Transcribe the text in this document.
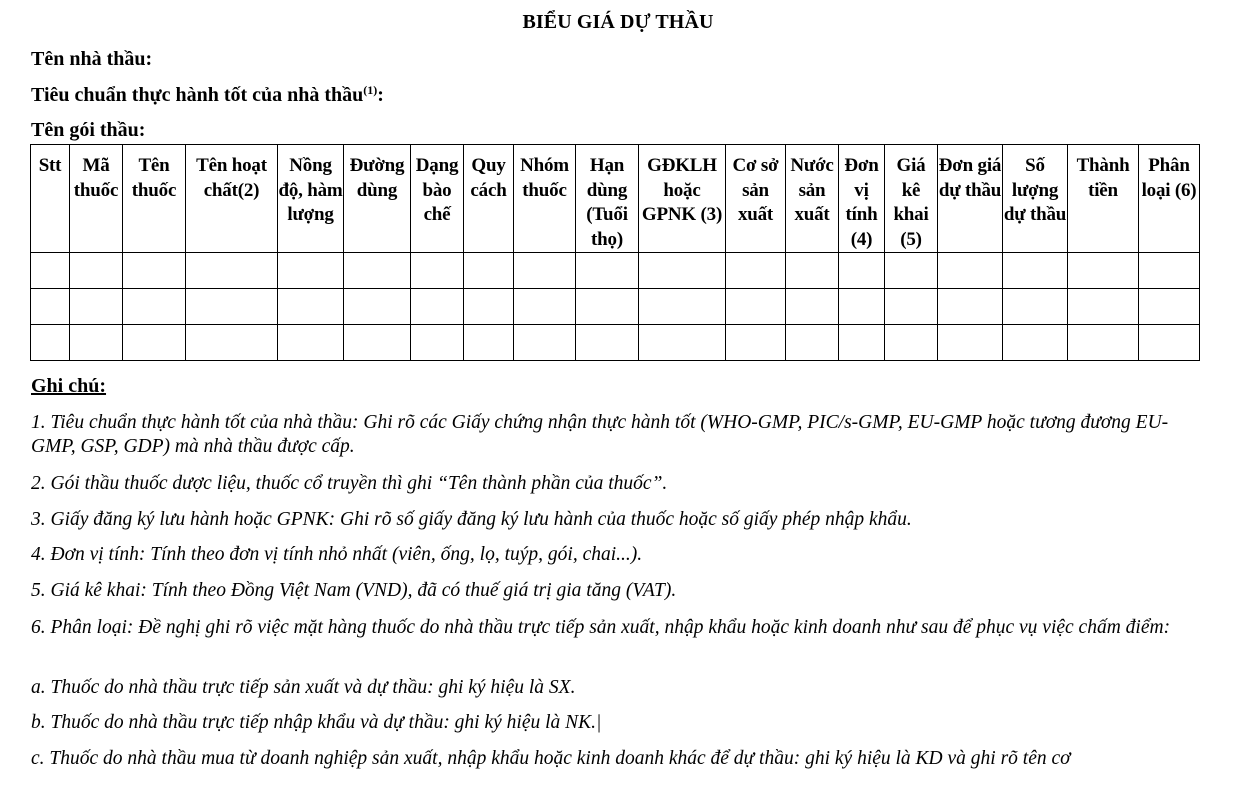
BIỂU GIÁ DỰ THẦU
Tên nhà thầu:
Tiêu chuẩn thực hành tốt của nhà thầu$^{(1)}$:
Tên gói thầu:
Stt	Mã thuốc	Tên thuốc	Tên hoạt chất(2)	Nồng độ, hàm lượng	Đường dùng	Dạng bào chế	Quy cách	Nhóm thuốc	Hạn dùng (Tuổi thọ)	GĐKLH hoặc GPNK (3)	Cơ sở sản xuất	Nước sản xuất	Đơn vị tính (4)	Giá kê khai (5)	Đơn giá dự thầu	Số lượng dự thầu	Thành tiền	Phân loại (6)

Ghi chú:
1. Tiêu chuẩn thực hành tốt của nhà thầu: Ghi rõ các Giấy chứng nhận thực hành tốt (WHO-GMP, PIC/s-GMP, EU-GMP hoặc tương đương EU- GMP, GSP, GDP) mà nhà thầu được cấp.
2. Gói thầu thuốc dược liệu, thuốc cổ truyền thì ghi “Tên thành phần của thuốc”.
3. Giấy đăng ký lưu hành hoặc GPNK: Ghi rõ số giấy đăng ký lưu hành của thuốc hoặc số giấy phép nhập khẩu.
4. Đơn vị tính: Tính theo đơn vị tính nhỏ nhất (viên, ống, lọ, tuýp, gói, chai...).
5. Giá kê khai: Tính theo Đồng Việt Nam (VND), đã có thuế giá trị gia tăng (VAT).
6. Phân loại: Đề nghị ghi rõ việc mặt hàng thuốc do nhà thầu trực tiếp sản xuất, nhập khẩu hoặc kinh doanh như sau để phục vụ việc chấm điểm:
a. Thuốc do nhà thầu trực tiếp sản xuất và dự thầu: ghi ký hiệu là SX.
b. Thuốc do nhà thầu trực tiếp nhập khẩu và dự thầu: ghi ký hiệu là NK.|
c. Thuốc do nhà thầu mua từ doanh nghiệp sản xuất, nhập khẩu hoặc kinh doanh khác để dự thầu: ghi ký hiệu là KD và ghi rõ tên cơ
